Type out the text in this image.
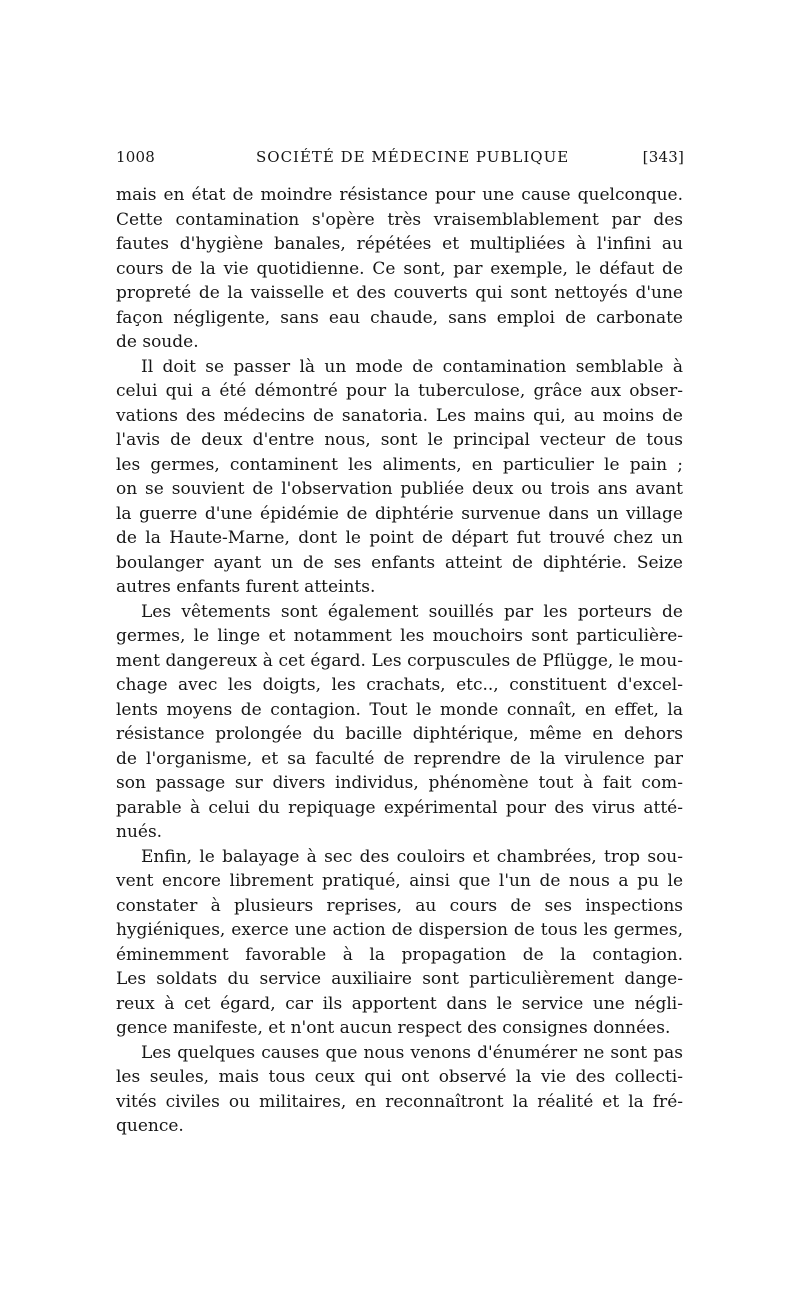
1008	SOCIÉTÉ DE MÉDECINE PUBLIQUE	[343]
mais en état de moindre résistance pour une cause quelconque.
Cette contamination s'opère très vraisemblablement par des
fautes d'hygiène banales, répétées et multipliées à l'infini au
cours de la vie quotidienne. Ce sont, par exemple, le défaut de
propreté de la vaisselle et des couverts qui sont nettoyés d'une
façon négligente, sans eau chaude, sans emploi de carbonate
de soude.
Il doit se passer là un mode de contamination semblable à
celui qui a été démontré pour la tuberculose, grâce aux obser-
vations des médecins de sanatoria. Les mains qui, au moins de
l'avis de deux d'entre nous, sont le principal vecteur de tous
les germes, contaminent les aliments, en particulier le pain ;
on se souvient de l'observation publiée deux ou trois ans avant
la guerre d'une épidémie de diphtérie survenue dans un village
de la Haute-Marne, dont le point de départ fut trouvé chez un
boulanger ayant un de ses enfants atteint de diphtérie. Seize
autres enfants furent atteints.
Les vêtements sont également souillés par les porteurs de
germes, le linge et notamment les mouchoirs sont particulière-
ment dangereux à cet égard. Les corpuscules de Pflügge, le mou-
chage avec les doigts, les crachats, etc.., constituent d'excel-
lents moyens de contagion. Tout le monde connaît, en effet, la
résistance prolongée du bacille diphtérique, même en dehors
de l'organisme, et sa faculté de reprendre de la virulence par
son passage sur divers individus, phénomène tout à fait com-
parable à celui du repiquage expérimental pour des virus atté-
nués.
Enfin, le balayage à sec des couloirs et chambrées, trop sou-
vent encore librement pratiqué, ainsi que l'un de nous a pu le
constater à plusieurs reprises, au cours de ses inspections
hygiéniques, exerce une action de dispersion de tous les germes,
éminemment favorable à la propagation de la contagion.
Les soldats du service auxiliaire sont particulièrement dange-
reux à cet égard, car ils apportent dans le service une négli-
gence manifeste, et n'ont aucun respect des consignes données.
Les quelques causes que nous venons d'énumérer ne sont pas
les seules, mais tous ceux qui ont observé la vie des collecti-
vités civiles ou militaires, en reconnaîtront la réalité et la fré-
quence.
